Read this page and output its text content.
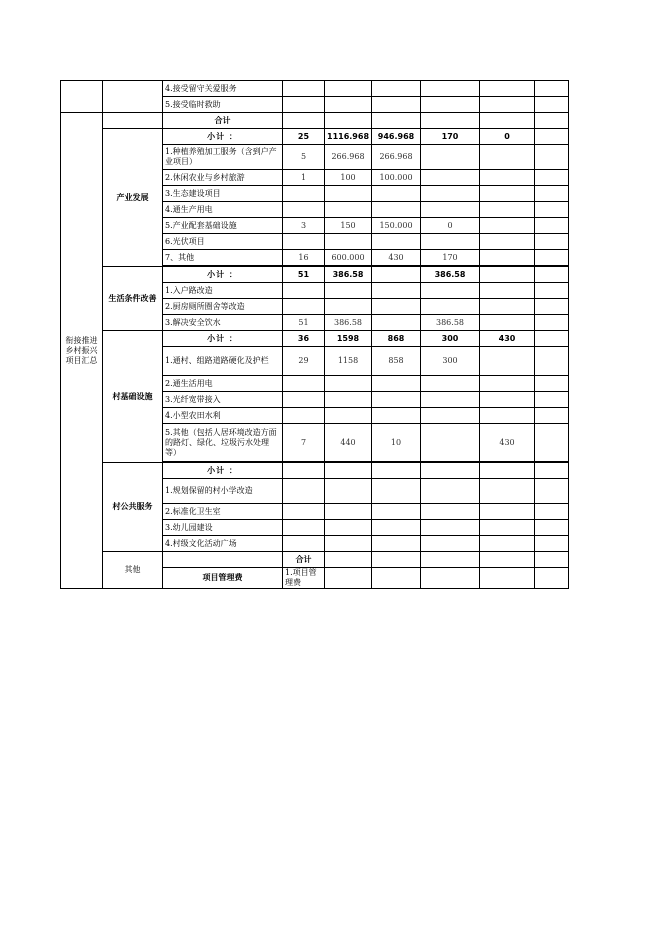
		4.接受留守关爱服务							
		5.接受临时救助							
衔接推进乡村振兴项目汇总		合计							
	产业发展	小计 ：	25	1116.968	946.968	170	0		
		1.种植养殖加工服务（含到户产业项目）	5	266.968	266.968				
		2.休闲农业与乡村旅游	1	100	100.000				
		3.生态建设项目							
		4.通生产用电							
		5.产业配套基础设施	3	150	150.000	0			
		6.光伏项目							
		7、其他	16	600.000	430	170			

	生活条件改善	小计 ：	51	386.58		386.58			
		1.入户路改造							
		2.厨房厕所圈舍等改造							
		3.解决安全饮水	51	386.58		386.58			
	村基础设施	小计 ：	36	1598	868	300	430		
		1.通村、组路道路硬化及护栏	29	1158	858	300			
		2.通生活用电							
		3.光纤宽带接入							
		4.小型农田水利							
		5.其他（包括人居环境改造方面的路灯、绿化、垃圾污水处理等）	7	440	10		430		

	村公共服务	小计 ：							
		1.规划保留的村小学改造							
		2.标准化卫生室							
		3.幼儿园建设							
		4.村级文化活动广场							
	其他		合计						
		项目管理费	1.项目管理费						
